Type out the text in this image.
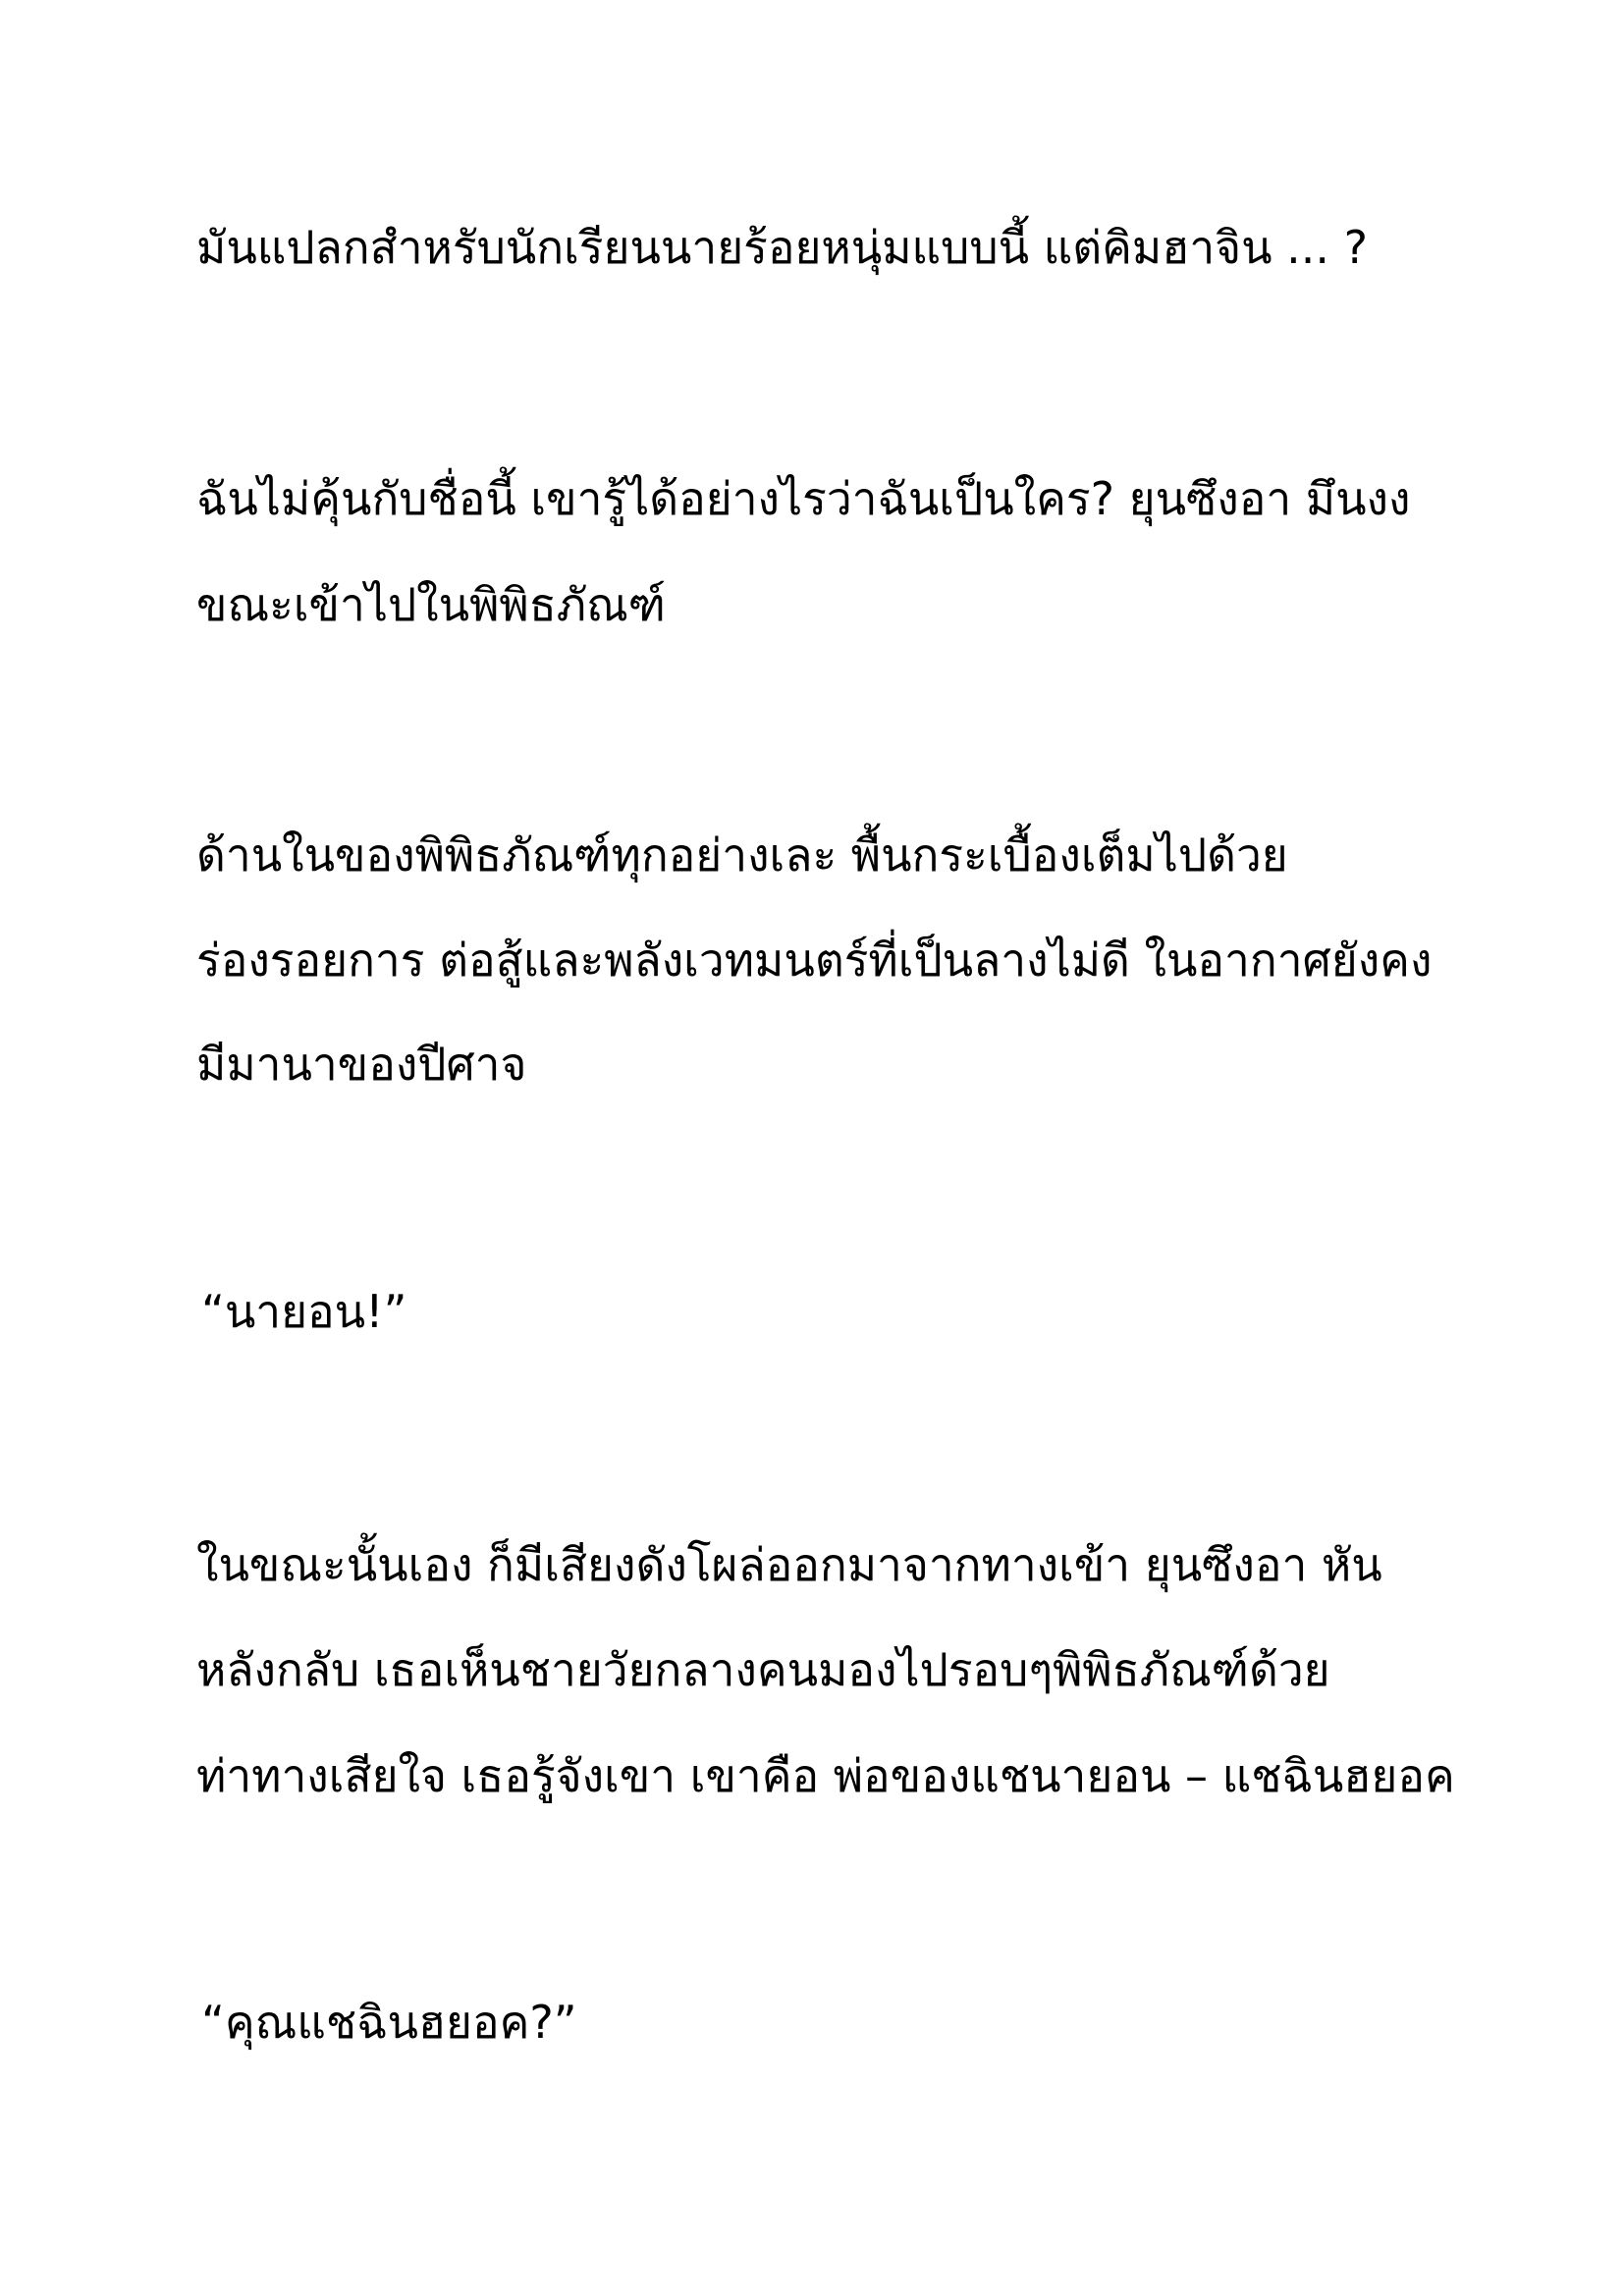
มันแปลกสำหรับนักเรียนนายร้อยหนุ่มแบบนี้ แต่คิมฮาจิน ... ?

ฉันไม่คุ้นกับชื่อนี้ เขารู้ได้อย่างไรว่าฉันเป็นใคร? ยุนซึงอา มึนงง

ขณะเข้าไปในพิพิธภัณฑ์

ด้านในของพิพิธภัณฑ์ทุกอย่างเละ พื้นกระเบื้องเต็มไปด้วย

ร่องรอยการ ต่อสู้และพลังเวทมนตร์ที่เป็นลางไม่ดี ในอากาศยังคง

มีมานาของปีศาจ

“นายอน!”

ในขณะนั้นเอง ก็มีเสียงดังโผล่ออกมาจากทางเข้า ยุนซึงอา หัน

หลังกลับ เธอเห็นชายวัยกลางคนมองไปรอบๆพิพิธภัณฑ์ด้วย

ท่าทางเสียใจ เธอรู้จังเขา เขาคือ พ่อของแชนายอน – แชฉินฮยอค

“คุณแชฉินฮยอค?”
